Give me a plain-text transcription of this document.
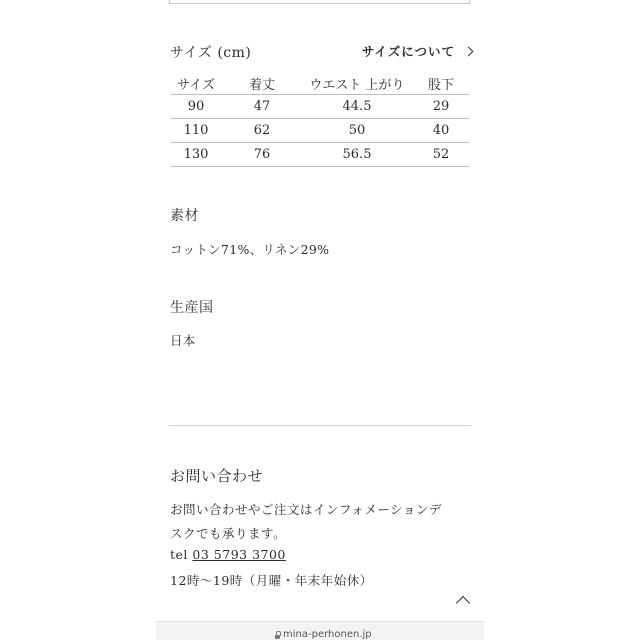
サイズ (cm)	サイズについて
サイズ	着丈	ウエスト 上がり	股下
90	47	44.5	29
110	62	50	40
130	76	56.5	52
素材
コットン71%、リネン29%
生産国
日本
お問い合わせ
お問い合わせやご注文はインフォメーションデ
スクでも承ります。
tel 03 5793 3700
12時〜19時（月曜・年末年始休）
mina-perhonen.jp
